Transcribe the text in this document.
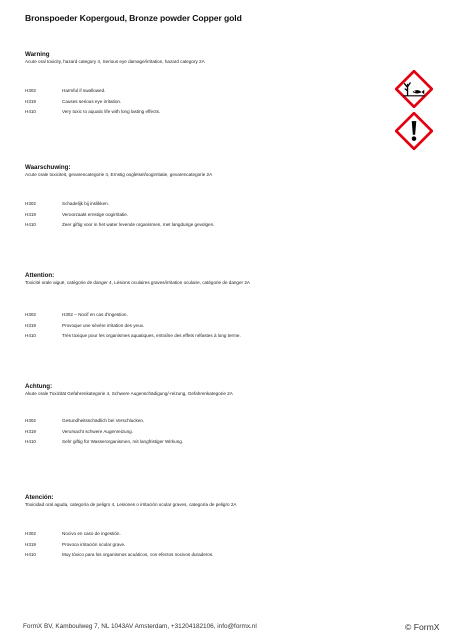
Bronspoeder Kopergoud, Bronze powder Copper gold

Warning

Acute oral toxicity, hazard category 4, Serious eye damage/irritation, hazard category 2A

H302	Harmful if swallowed.
H319	Causes serious eye irritation.
H410	Very toxic to aquatic life with long lasting effects.

Waarschuwing:

Acute orale toxiciteit, gevarencategorie 4, Ernstig oogletsel/oogirritatie, gevarencategorie 2A

H302	Schadelijk bij inslikken.
H319	Veroorzaakt ernstige oogirritatie.
H410	Zeer giftig voor in het water levende organismen, met langdurige gevolgen.

Attention:

Toxicité orale aiguë, catégorie de danger 4, Lésions oculaires graves/irritation oculaire, catégorie de danger 2A

H302	H302 – Nocif en cas d'ingestion.
H319	Provoque une sévère irritation des yeux.
H410	Très toxique pour les organismes aquatiques, entraîne des effets néfastes à long terme.

Achtung:

Akute orale Toxizität Gefahrenkategorie 4, Schwere Augenschädigung/-reizung, Gefahrenkategorie 2A

H302	Gesundheitsschädlich bei Verschlucken.
H319	Verursacht schwere Augenreizung.
H410	Sehr giftig für Wasserorganismen, mit langfristiger Wirkung.

Atención:

Toxicidad oral aguda, categoría de peligro 4, Lesiones o irritación ocular graves, categoría de peligro 2A

H302	Nocivo en caso de ingestión.
H319	Provoca irritación ocular grave.
H410	Muy tóxico para los organismos acuáticos, con efectos nocivos duraderos.
FormX BV, Kamboulweg 7, NL 1043AV Amsterdam, +31204182106, info@formx.nl	© FormX
